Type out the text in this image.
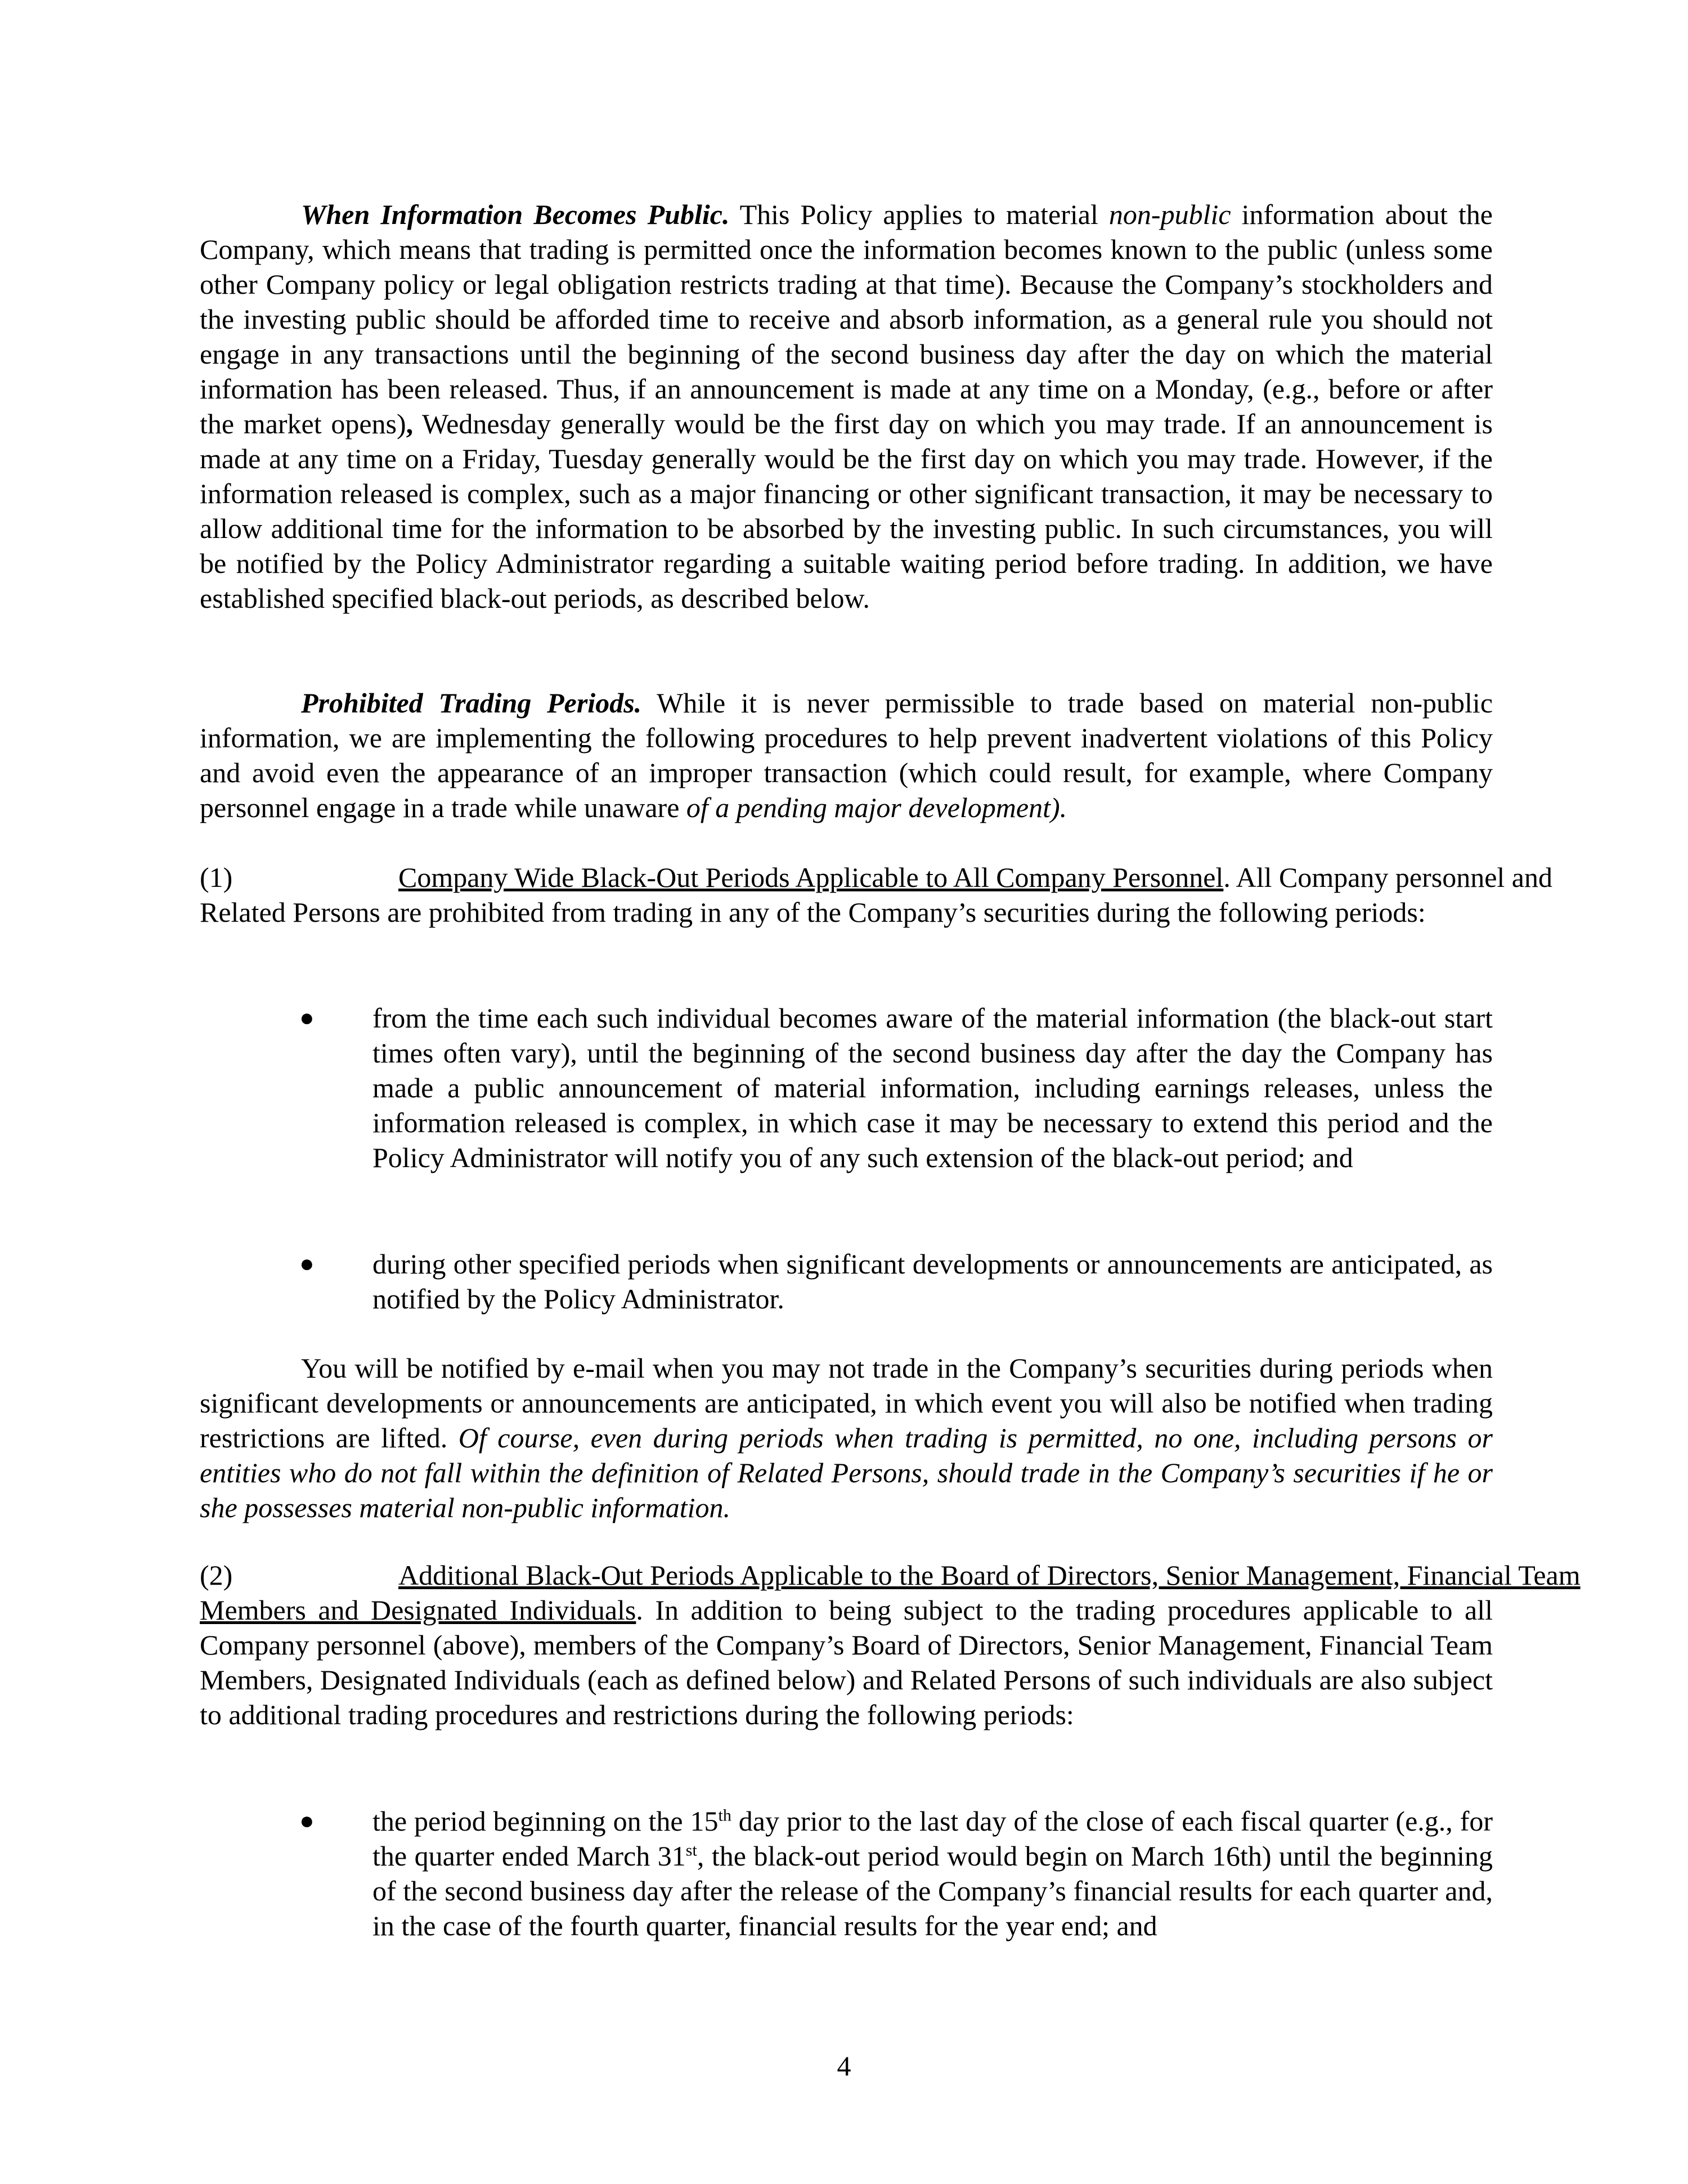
When Information Becomes Public. This Policy applies to material non-public information about the Company, which means that trading is permitted once the information becomes known to the public (unless some other Company policy or legal obligation restricts trading at that time). Because the Company’s stockholders and the investing public should be afforded time to receive and absorb information, as a general rule you should not engage in any transactions until the beginning of the second business day after the day on which the material information has been released. Thus, if an announcement is made at any time on a Monday, (e.g., before or after the market opens), Wednesday generally would be the first day on which you may trade. If an announcement is made at any time on a Friday, Tuesday generally would be the first day on which you may trade. However, if the information released is complex, such as a major financing or other significant transaction, it may be necessary to allow additional time for the information to be absorbed by the investing public. In such circumstances, you will be notified by the Policy Administrator regarding a suitable waiting period before trading. In addition, we have established specified black-out periods, as described below.
Prohibited Trading Periods. While it is never permissible to trade based on material non-public information, we are implementing the following procedures to help prevent inadvertent violations of this Policy and avoid even the appearance of an improper transaction (which could result, for example, where Company personnel engage in a trade while unaware of a pending major development).
(1)	Company Wide Black-Out Periods Applicable to All Company Personnel. All Company personnel and
Related Persons are prohibited from trading in any of the Company’s securities during the following periods:
● from the time each such individual becomes aware of the material information (the black-out start times often vary), until the beginning of the second business day after the day the Company has made a public announcement of material information, including earnings releases, unless the information released is complex, in which case it may be necessary to extend this period and the Policy Administrator will notify you of any such extension of the black-out period; and
● during other specified periods when significant developments or announcements are anticipated, as notified by the Policy Administrator.
You will be notified by e-mail when you may not trade in the Company’s securities during periods when significant developments or announcements are anticipated, in which event you will also be notified when trading restrictions are lifted. Of course, even during periods when trading is permitted, no one, including persons or entities who do not fall within the definition of Related Persons, should trade in the Company’s securities if he or she possesses material non-public information.
(2)	Additional Black-Out Periods Applicable to the Board of Directors, Senior Management, Financial Team
Members and Designated Individuals. In addition to being subject to the trading procedures applicable to all Company personnel (above), members of the Company’s Board of Directors, Senior Management, Financial Team Members, Designated Individuals (each as defined below) and Related Persons of such individuals are also subject to additional trading procedures and restrictions during the following periods:
● the period beginning on the 15th day prior to the last day of the close of each fiscal quarter (e.g., for the quarter ended March 31st, the black-out period would begin on March 16th) until the beginning of the second business day after the release of the Company’s financial results for each quarter and, in the case of the fourth quarter, financial results for the year end; and
4
